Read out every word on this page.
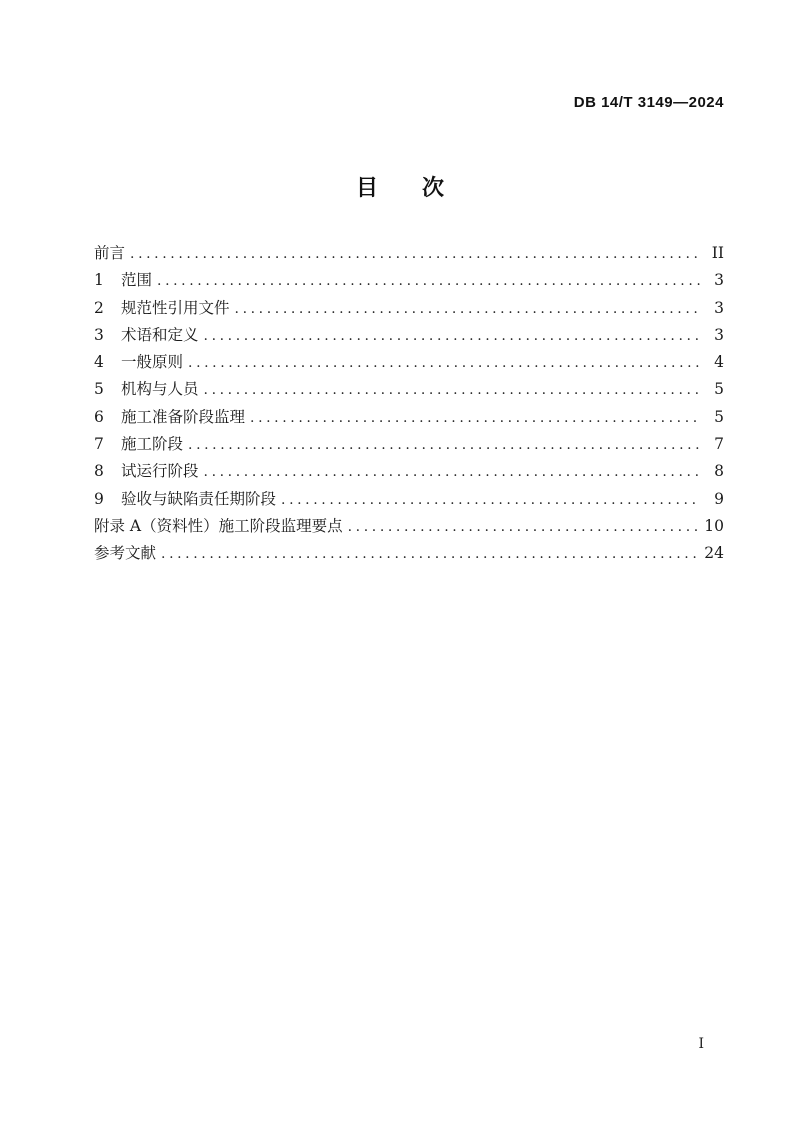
DB 14/T 3149—2024
目　次
前言 .....	II
1	范围 .....	3
2	规范性引用文件 .....	3
3	术语和定义 .....	3
4	一般原则 .....	4
5	机构与人员 .....	5
6	施工准备阶段监理 .....	5
7	施工阶段 .....	7
8	试运行阶段 .....	8
9	验收与缺陷责任期阶段 .....	9
附录 A（资料性）施工阶段监理要点 .....	10
参考文献 .....	24
I
